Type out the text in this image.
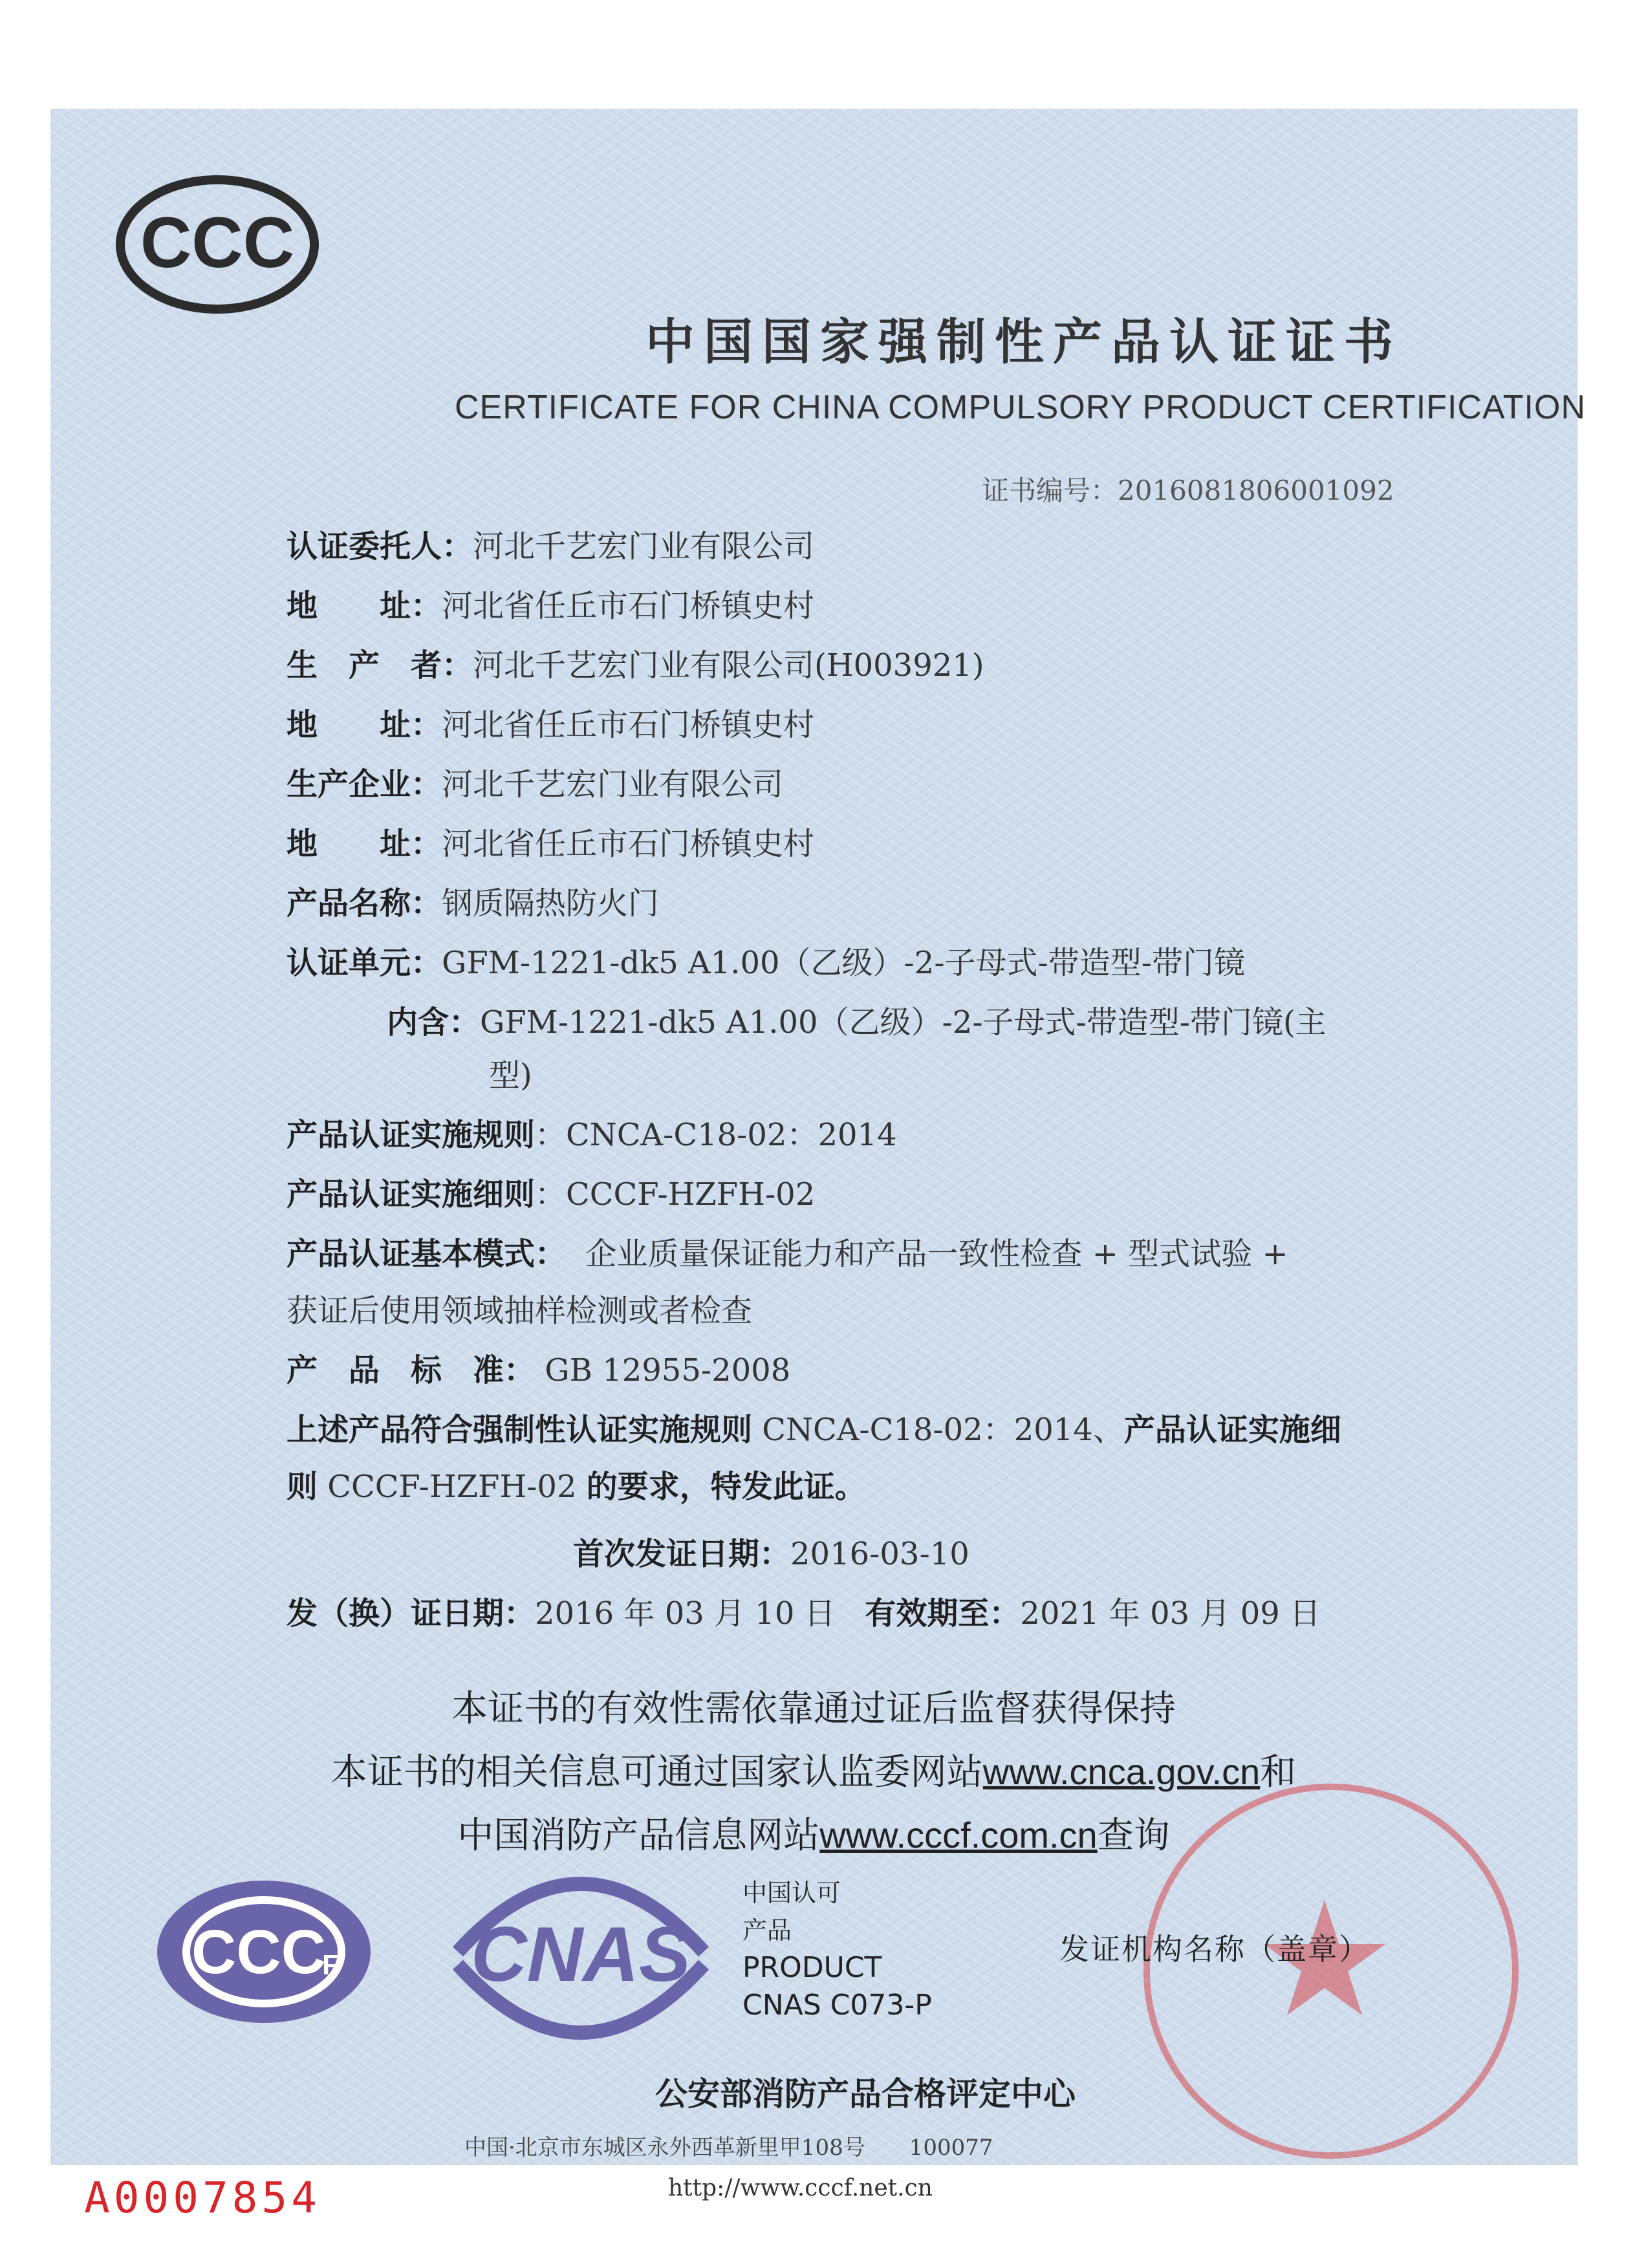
CCC
中国国家强制性产品认证证书
CERTIFICATE FOR CHINA COMPULSORY PRODUCT CERTIFICATION
证书编号：2016081806001092
认证委托人：河北千艺宏门业有限公司
地　　址：河北省任丘市石门桥镇史村
生　产　者：河北千艺宏门业有限公司(H003921)
地　　址：河北省任丘市石门桥镇史村
生产企业：河北千艺宏门业有限公司
地　　址：河北省任丘市石门桥镇史村
产品名称：钢质隔热防火门
认证单元：GFM-1221-dk5 A1.00（乙级）-2-子母式-带造型-带门镜
内含：GFM-1221-dk5 A1.00（乙级）-2-子母式-带造型-带门镜(主
型)
产品认证实施规则：CNCA-C18-02：2014
产品认证实施细则：CCCF-HZFH-02
产品认证基本模式： 企业质量保证能力和产品一致性检查 + 型式试验 +
获证后使用领域抽样检测或者检查
产　品　标　准： GB 12955-2008
上述产品符合强制性认证实施规则 CNCA-C18-02：2014、产品认证实施细
则 CCCF-HZFH-02 的要求，特发此证。
首次发证日期：2016-03-10
发（换）证日期：2016 年 03 月 10 日 有效期至：2021 年 03 月 09 日
本证书的有效性需依靠通过证后监督获得保持
本证书的相关信息可通过国家认监委网站www.cnca.gov.cn和
中国消防产品信息网站www.cccf.com.cn查询
CCC
F CNAS
中国认可
产品
PRODUCT
CNAS C073-P
发证机构名称（盖章）
公安部消防产品合格评定中心
中国·北京市东城区永外西革新里甲108号　　100077
http://www.cccf.net.cn
A0007854
